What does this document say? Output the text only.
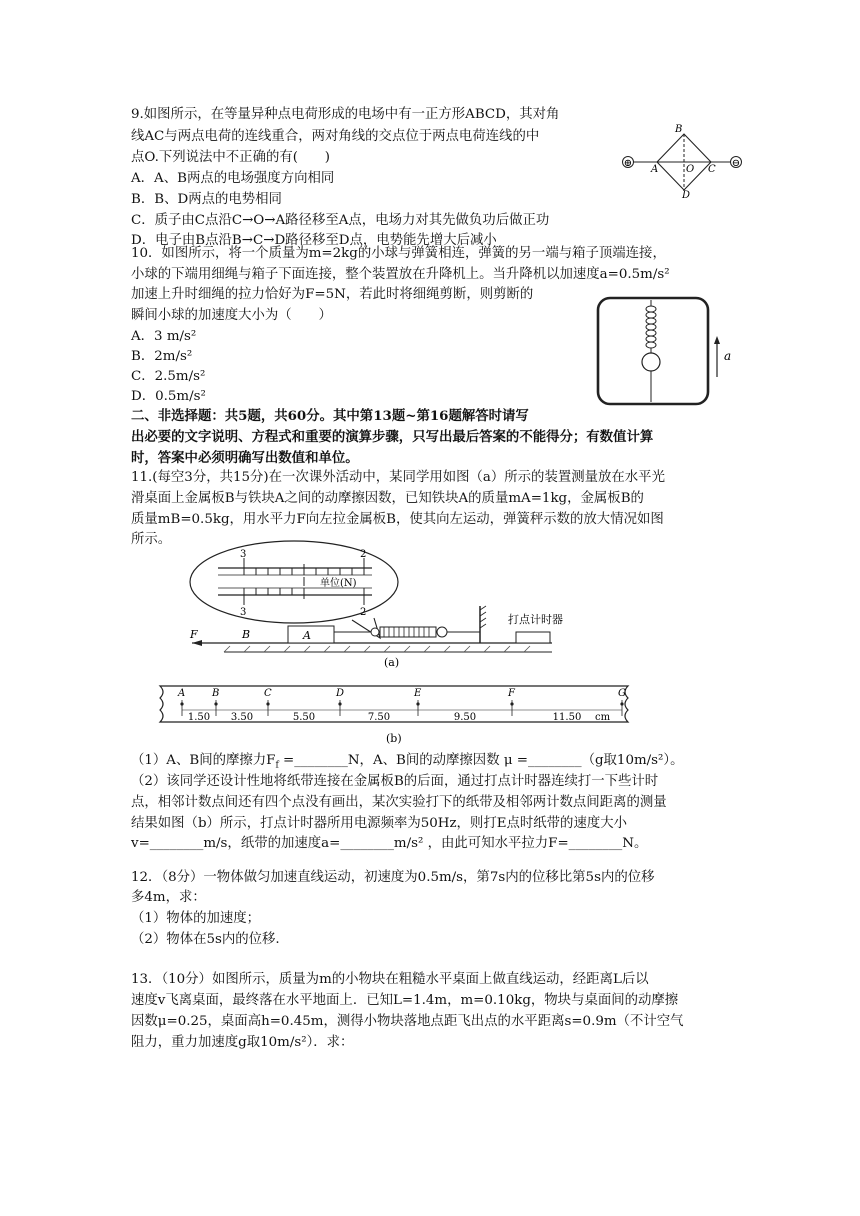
9.如图所示，在等量异种点电荷形成的电场中有一正方形ABCD，其对角
线AC与两点电荷的连线重合，两对角线的交点位于两点电荷连线的中
点O.下列说法中不正确的有(　　)
A．A、B两点的电场强度方向相同
B．B、D两点的电势相同
C．质子由C点沿C→O→A路径移至A点，电场力对其先做负功后做正功
D．电子由B点沿B→C→D路径移至D点，电势能先增大后减小
⊕	⊖
A
B
C
D
O
10．如图所示，将一个质量为m=2kg的小球与弹簧相连，弹簧的另一端与箱子顶端连接，
小球的下端用细绳与箱子下面连接，整个装置放在升降机上。当升降机以加速度a=0.5m/s²
加速上升时细绳的拉力恰好为F=5N，若此时将细绳剪断，则剪断的
瞬间小球的加速度大小为（　　）
A．3 m/s²
B．2m/s²
C．2.5m/s²
D．0.5m/s²
a
二、非选择题：共5题，共60分。其中第13题~第16题解答时请写
出必要的文字说明、方程式和重要的演算步骤，只写出最后答案的不能得分；有数值计算
时，答案中必须明确写出数值和单位。
11.(每空3分，共15分)在一次课外活动中，某同学用如图（a）所示的装置测量放在水平光
滑桌面上金属板B与铁块A之间的动摩擦因数，已知铁块A的质量mA=1kg，金属板B的
质量mB=0.5kg，用水平力F向左拉金属板B，使其向左运动，弹簧秤示数的放大情况如图
所示。
3	2
3	2
单位(N)
F	B	A
打点计时器
(a)
A	B	C	D	E	F	G
1.50 3.50	5.50	7.50	9.50	11.50 cm
(b)
（1）A、B间的摩擦力$F_f$ =________N，A、B间的动摩擦因数 μ =________（g取10m/s²）。
（2）该同学还设计性地将纸带连接在金属板B的后面，通过打点计时器连续打一下些计时
点，相邻计数点间还有四个点没有画出，某次实验打下的纸带及相邻两计数点间距离的测量
结果如图（b）所示，打点计时器所用电源频率为50Hz，则打E点时纸带的速度大小
v=________m/s，纸带的加速度a=________m/s² ，由此可知水平拉力F=________N。
12．（8分）一物体做匀加速直线运动，初速度为0.5m/s，第7s内的位移比第5s内的位移
多4m，求：
（1）物体的加速度；
（2）物体在5s内的位移.
13．（10分）如图所示，质量为m的小物块在粗糙水平桌面上做直线运动，经距离L后以
速度v飞离桌面，最终落在水平地面上．已知L=1.4m，m=0.10kg，物块与桌面间的动摩擦
因数μ=0.25，桌面高h=0.45m，测得小物块落地点距飞出点的水平距离s=0.9m（不计空气
阻力，重力加速度g取10m/s²）．求：
